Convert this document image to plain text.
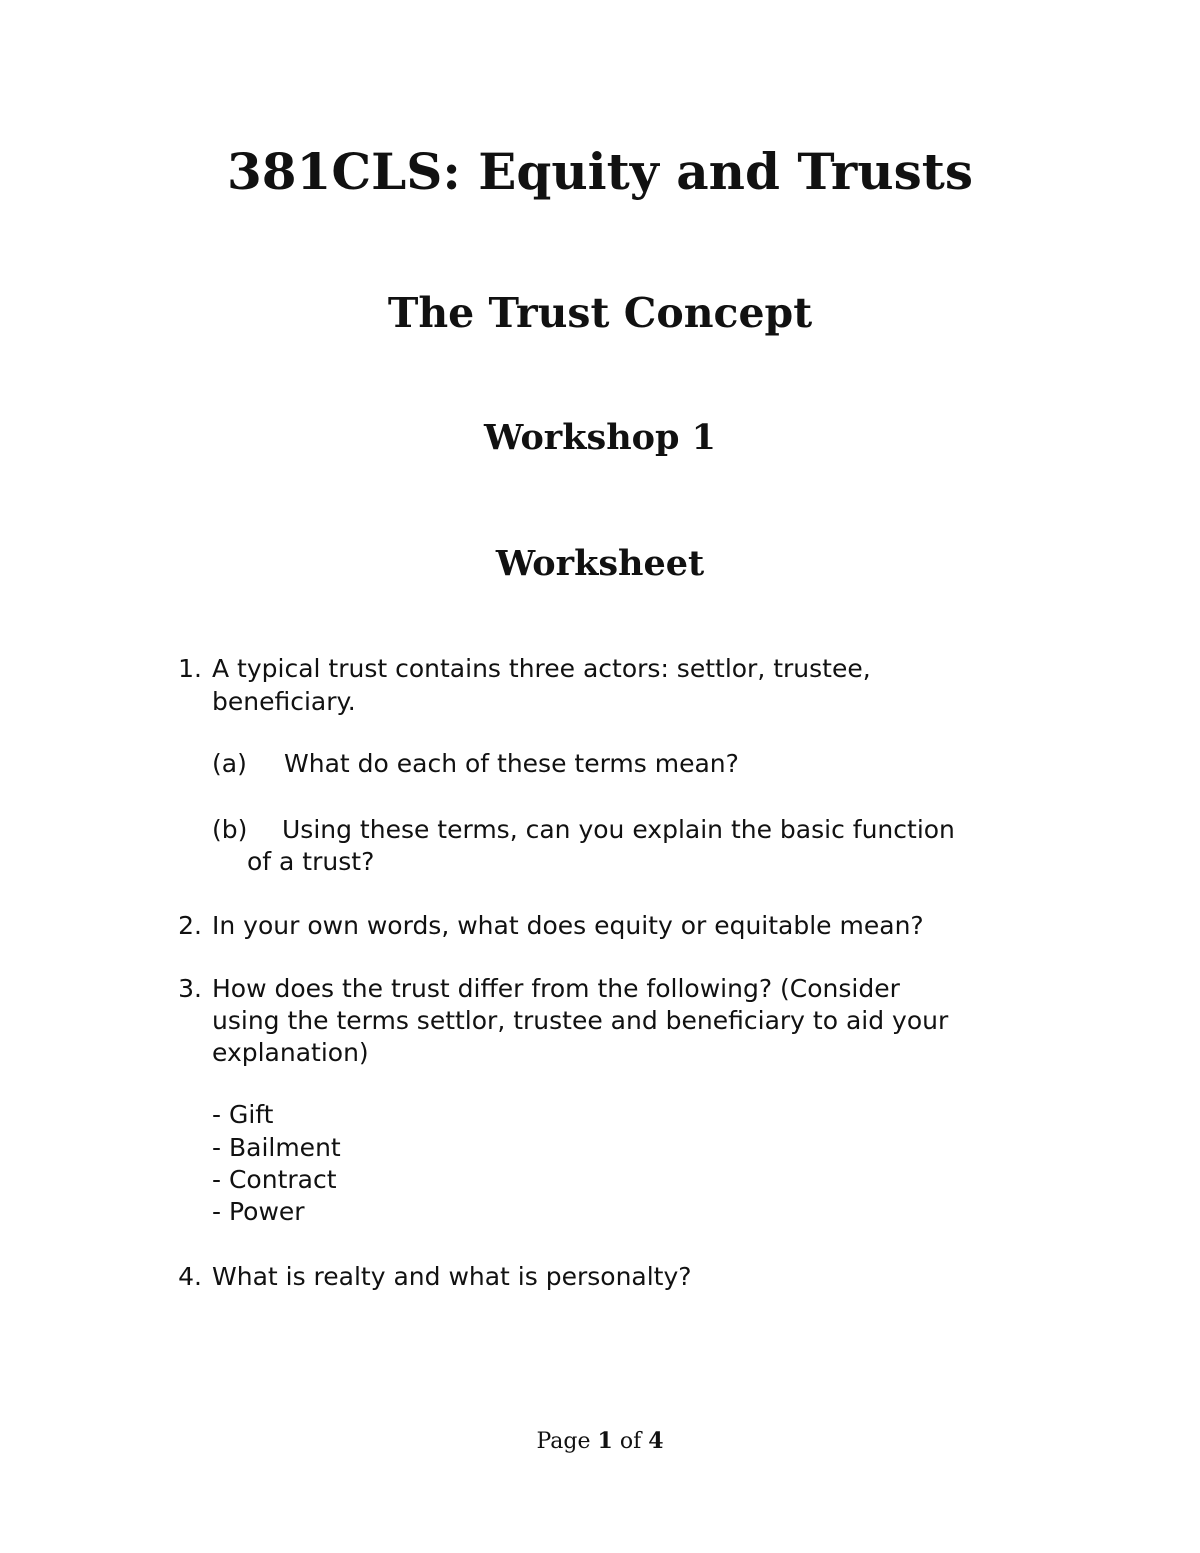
381CLS: Equity and Trusts
The Trust Concept
Workshop 1
Worksheet
1. A typical trust contains three actors: settlor, trustee,
beneficiary.
(a) What do each of these terms mean?
(b) Using these terms, can you explain the basic function
of a trust?
2. In your own words, what does equity or equitable mean?
3. How does the trust differ from the following? (Consider
using the terms settlor, trustee and beneficiary to aid your
explanation)
- Gift
- Bailment
- Contract
- Power
4. What is realty and what is personalty?
Page 1 of 4
